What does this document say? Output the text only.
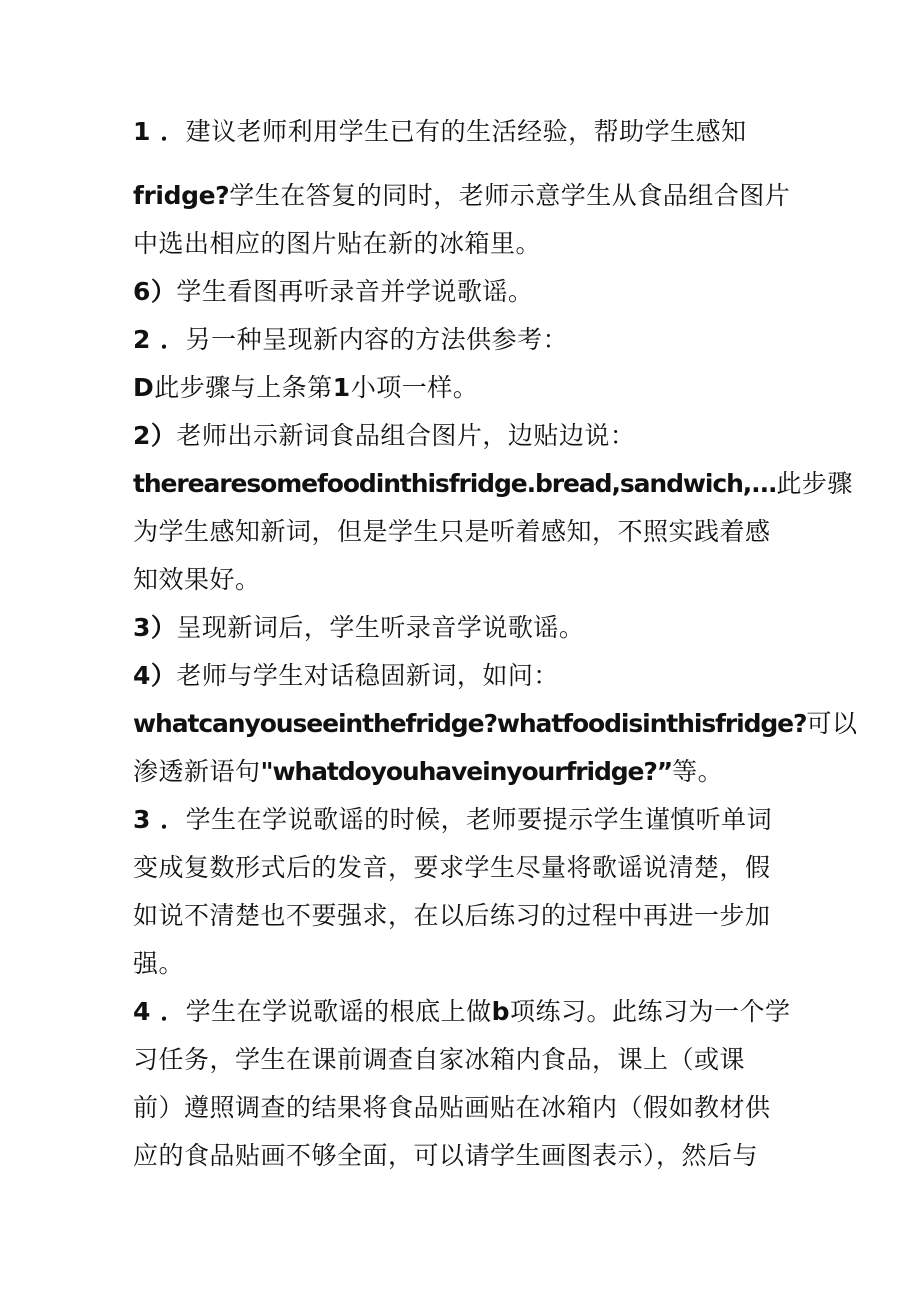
1 ．建议老师利用学生已有的生活经验，帮助学生感知
fridge?学生在答复的同时，老师示意学生从食品组合图片
中选出相应的图片贴在新的冰箱里。
6）学生看图再听录音并学说歌谣。
2 ．另一种呈现新内容的方法供参考：
D此步骤与上条第1小项一样。
2）老师出示新词食品组合图片，边贴边说：
therearesomefoodinthisfridge.bread,sandwich,...此步骤
为学生感知新词，但是学生只是听着感知，不照实践着感
知效果好。
3）呈现新词后，学生听录音学说歌谣。
4）老师与学生对话稳固新词，如问：
whatcanyouseeinthefridge?whatfoodisinthisfridge?可以
渗透新语句"whatdoyouhaveinyourfridge?”等。
3 ．学生在学说歌谣的时候，老师要提示学生谨慎听单词
变成复数形式后的发音，要求学生尽量将歌谣说清楚，假
如说不清楚也不要强求，在以后练习的过程中再进一步加
强。
4 ．学生在学说歌谣的根底上做b项练习。此练习为一个学
习任务，学生在课前调查自家冰箱内食品，课上（或课
前）遵照调查的结果将食品贴画贴在冰箱内（假如教材供
应的食品贴画不够全面，可以请学生画图表示），然后与
